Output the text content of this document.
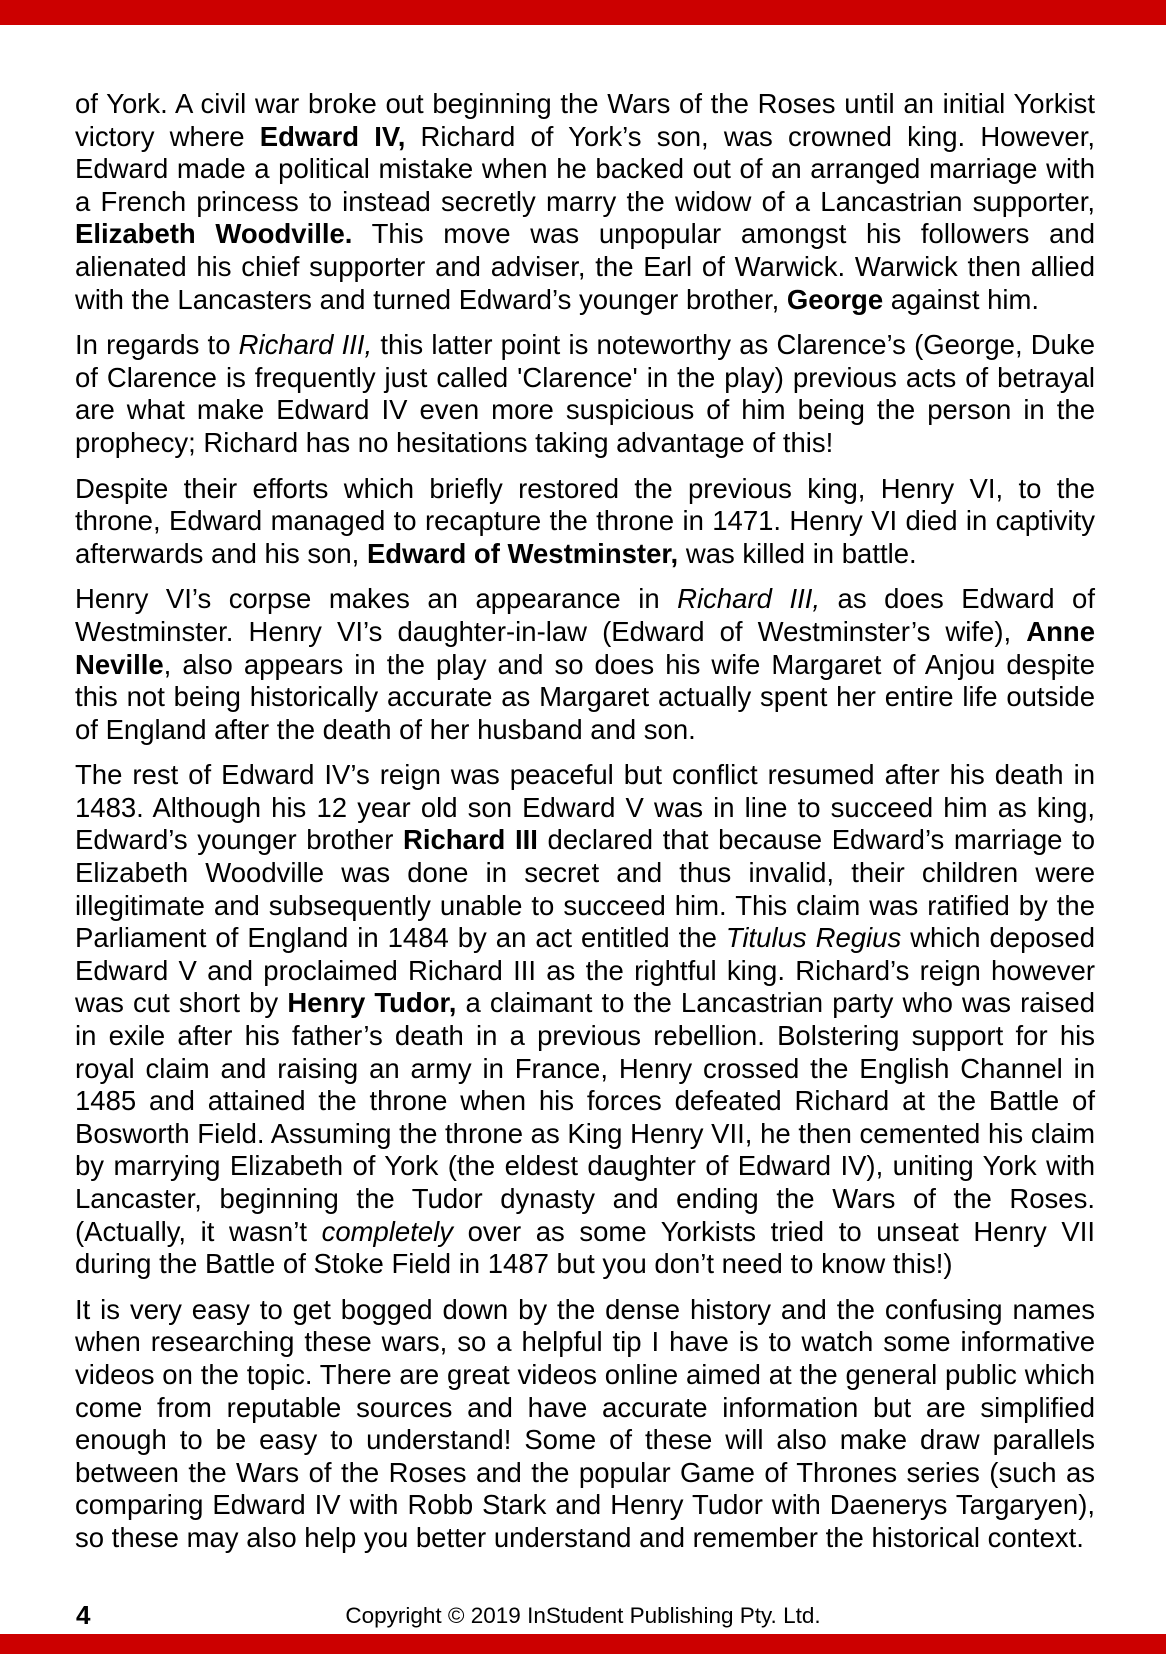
of York. A civil war broke out beginning the Wars of the Roses until an initial Yorkist victory where Edward IV, Richard of York’s son, was crowned king. However, Edward made a political mistake when he backed out of an arranged marriage with a French princess to instead secretly marry the widow of a Lancastrian supporter, Elizabeth Woodville. This move was unpopular amongst his followers and alienated his chief supporter and adviser, the Earl of Warwick. Warwick then allied with the Lancasters and turned Edward’s younger brother, George against him.

In regards to Richard III, this latter point is noteworthy as Clarence’s (George, Duke of Clarence is frequently just called 'Clarence' in the play) previous acts of betrayal are what make Edward IV even more suspicious of him being the person in the prophecy; Richard has no hesitations taking advantage of this!

Despite their efforts which briefly restored the previous king, Henry VI, to the throne, Edward managed to recapture the throne in 1471. Henry VI died in captivity afterwards and his son, Edward of Westminster, was killed in battle.

Henry VI’s corpse makes an appearance in Richard III, as does Edward of Westminster. Henry VI’s daughter-in-law (Edward of Westminster’s wife), Anne Neville, also appears in the play and so does his wife Margaret of Anjou despite this not being historically accurate as Margaret actually spent her entire life outside of England after the death of her husband and son.

The rest of Edward IV’s reign was peaceful but conflict resumed after his death in 1483. Although his 12 year old son Edward V was in line to succeed him as king, Edward’s younger brother Richard III declared that because Edward’s marriage to Elizabeth Woodville was done in secret and thus invalid, their children were illegitimate and subsequently unable to succeed him. This claim was ratified by the Parliament of England in 1484 by an act entitled the Titulus Regius which deposed Edward V and proclaimed Richard III as the rightful king. Richard’s reign however was cut short by Henry Tudor, a claimant to the Lancastrian party who was raised in exile after his father’s death in a previous rebellion. Bolstering support for his royal claim and raising an army in France, Henry crossed the English Channel in 1485 and attained the throne when his forces defeated Richard at the Battle of Bosworth Field. Assuming the throne as King Henry VII, he then cemented his claim by marrying Elizabeth of York (the eldest daughter of Edward IV), uniting York with Lancaster, beginning the Tudor dynasty and ending the Wars of the Roses. (Actually, it wasn’t completely over as some Yorkists tried to unseat Henry VII during the Battle of Stoke Field in 1487 but you don’t need to know this!)

It is very easy to get bogged down by the dense history and the confusing names when researching these wars, so a helpful tip I have is to watch some informative videos on the topic. There are great videos online aimed at the general public which come from reputable sources and have accurate information but are simplified enough to be easy to understand! Some of these will also make draw parallels between the Wars of the Roses and the popular Game of Thrones series (such as comparing Edward IV with Robb Stark and Henry Tudor with Daenerys Targaryen), so these may also help you better understand and remember the historical context.

4	Copyright © 2019 InStudent Publishing Pty. Ltd.
